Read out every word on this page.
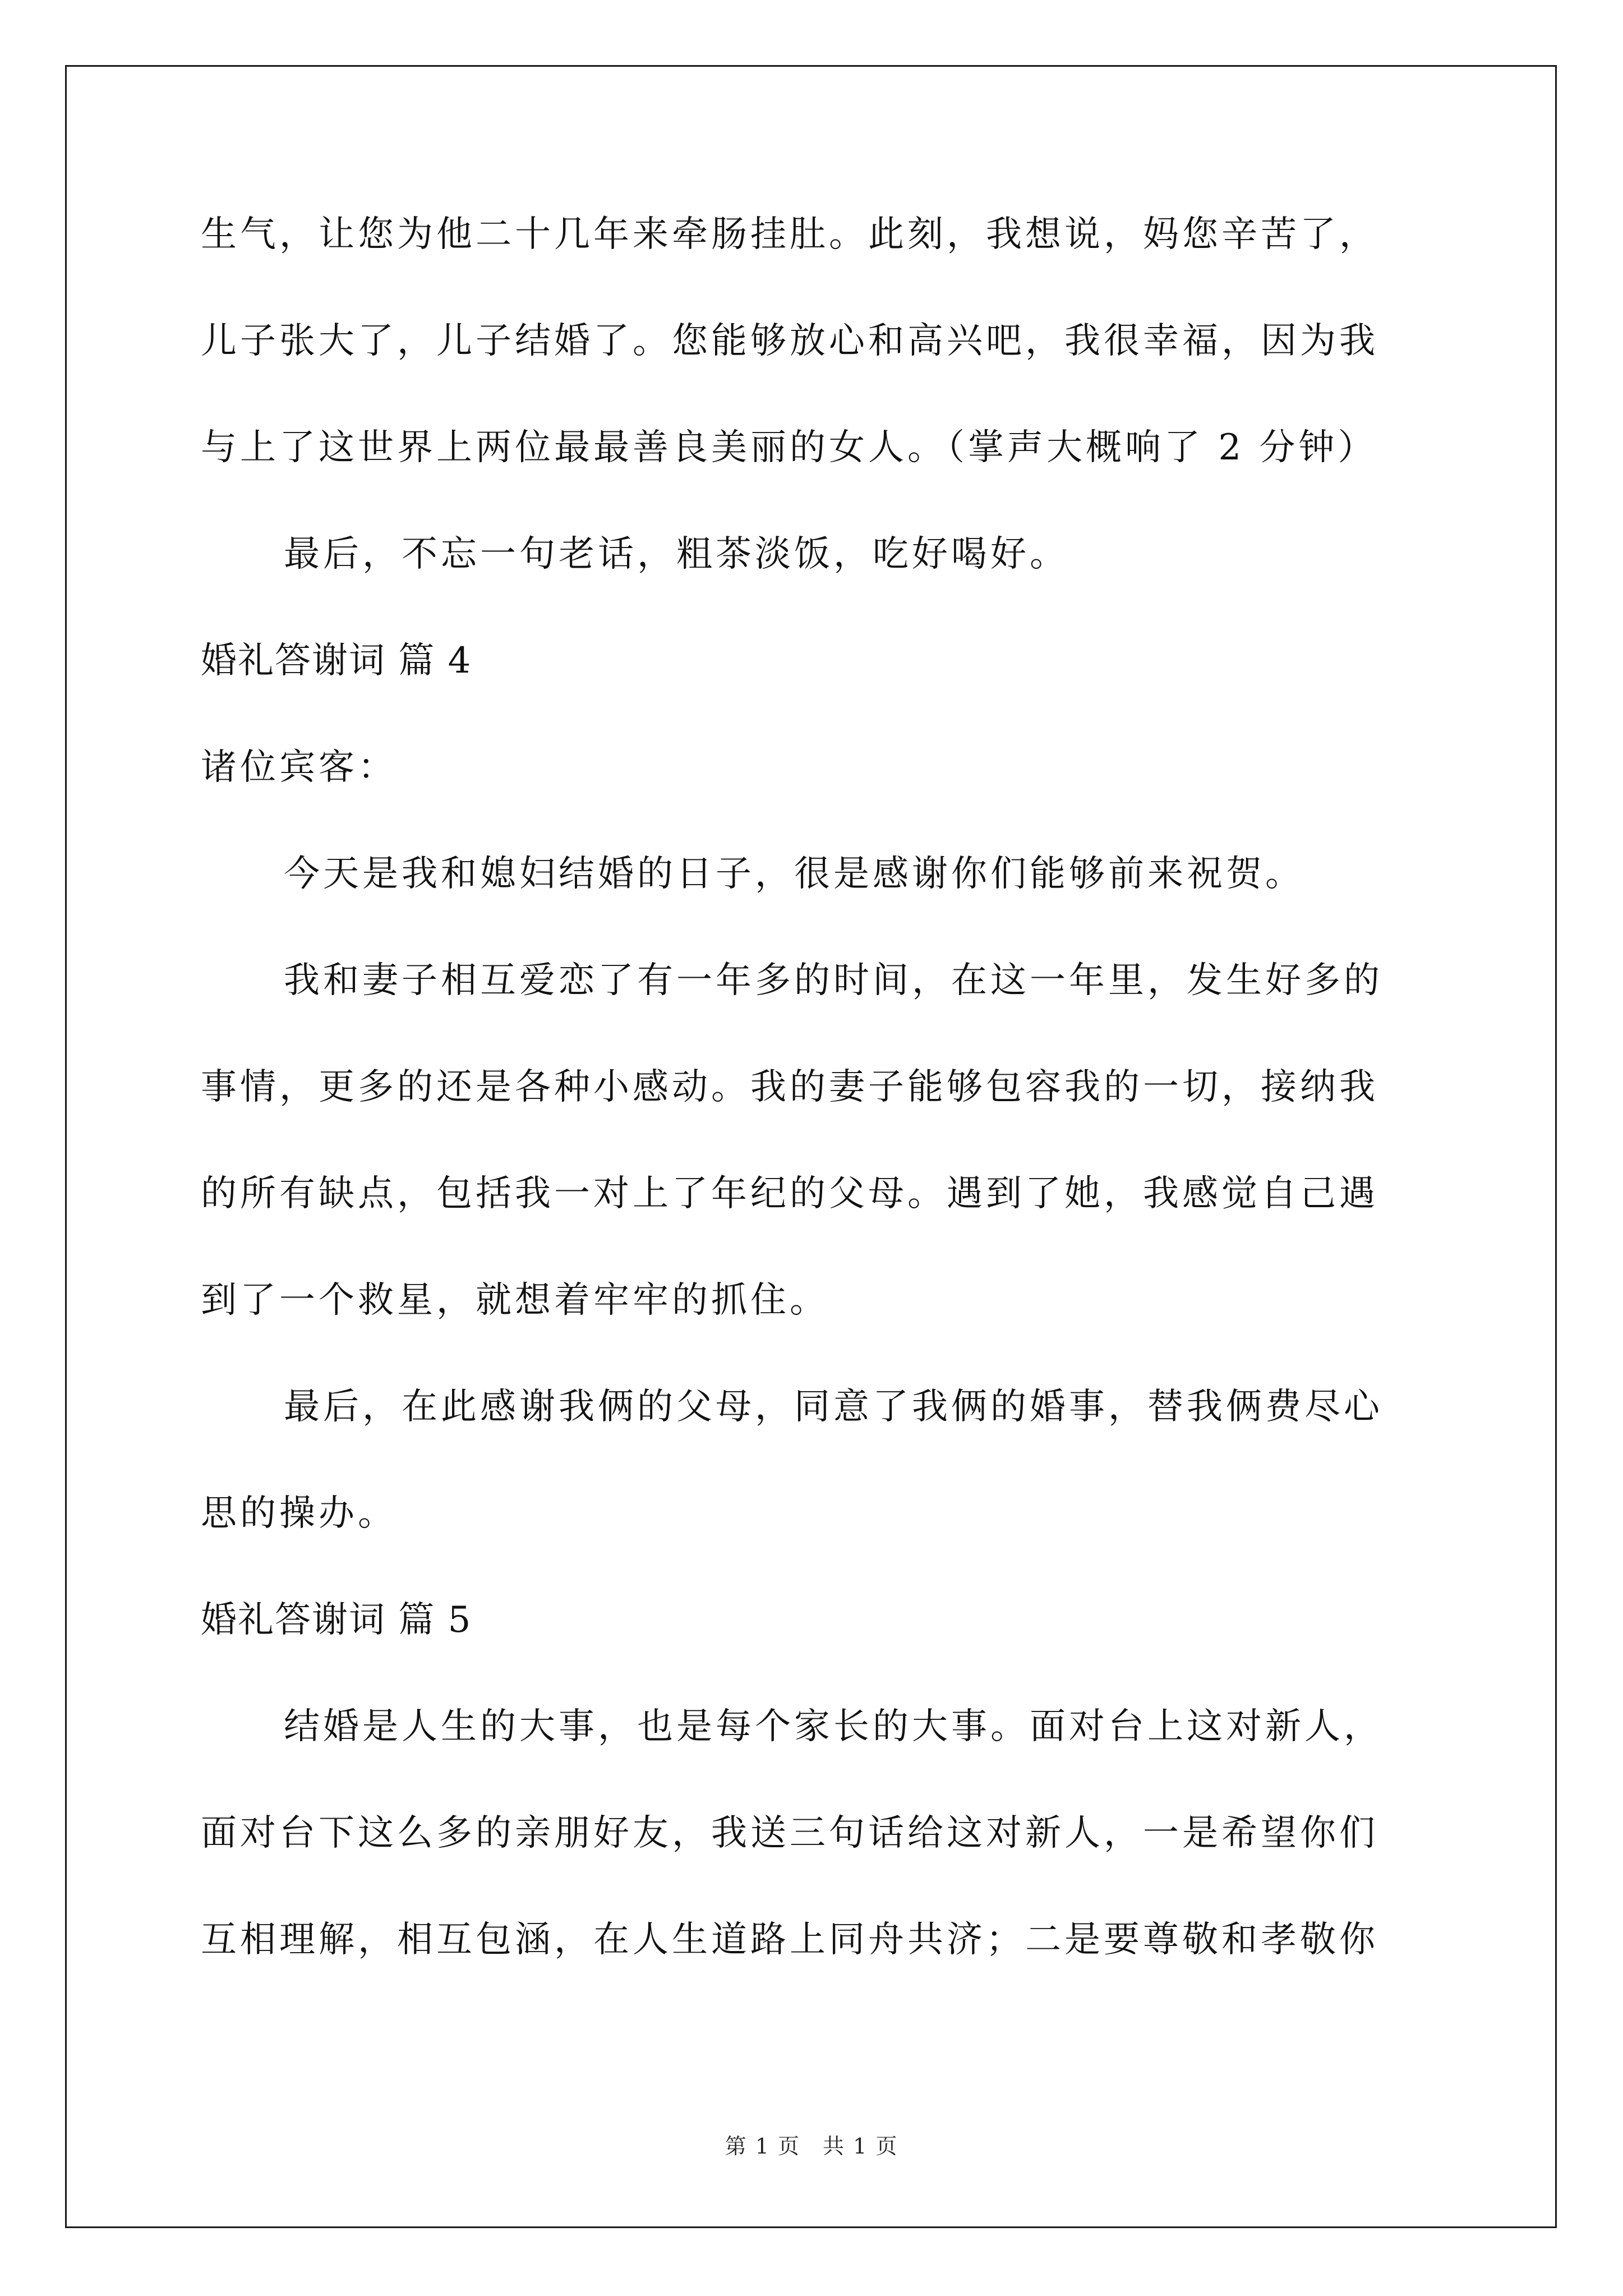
生气，让您为他二十几年来牵肠挂肚。此刻，我想说，妈您辛苦了，
儿子张大了，儿子结婚了。您能够放心和高兴吧，我很幸福，因为我
与上了这世界上两位最最善良美丽的女人。（掌声大概响了 2 分钟）
最后，不忘一句老话，粗茶淡饭，吃好喝好。
婚礼答谢词 篇 4
诸位宾客：
今天是我和媳妇结婚的日子，很是感谢你们能够前来祝贺。
我和妻子相互爱恋了有一年多的时间，在这一年里，发生好多的
事情，更多的还是各种小感动。我的妻子能够包容我的一切，接纳我
的所有缺点，包括我一对上了年纪的父母。遇到了她，我感觉自己遇
到了一个救星，就想着牢牢的抓住。
最后，在此感谢我俩的父母，同意了我俩的婚事，替我俩费尽心
思的操办。
婚礼答谢词 篇 5
结婚是人生的大事，也是每个家长的大事。面对台上这对新人，
面对台下这么多的亲朋好友，我送三句话给这对新人，一是希望你们
互相理解，相互包涵，在人生道路上同舟共济；二是要尊敬和孝敬你
第 1 页　共 1 页
